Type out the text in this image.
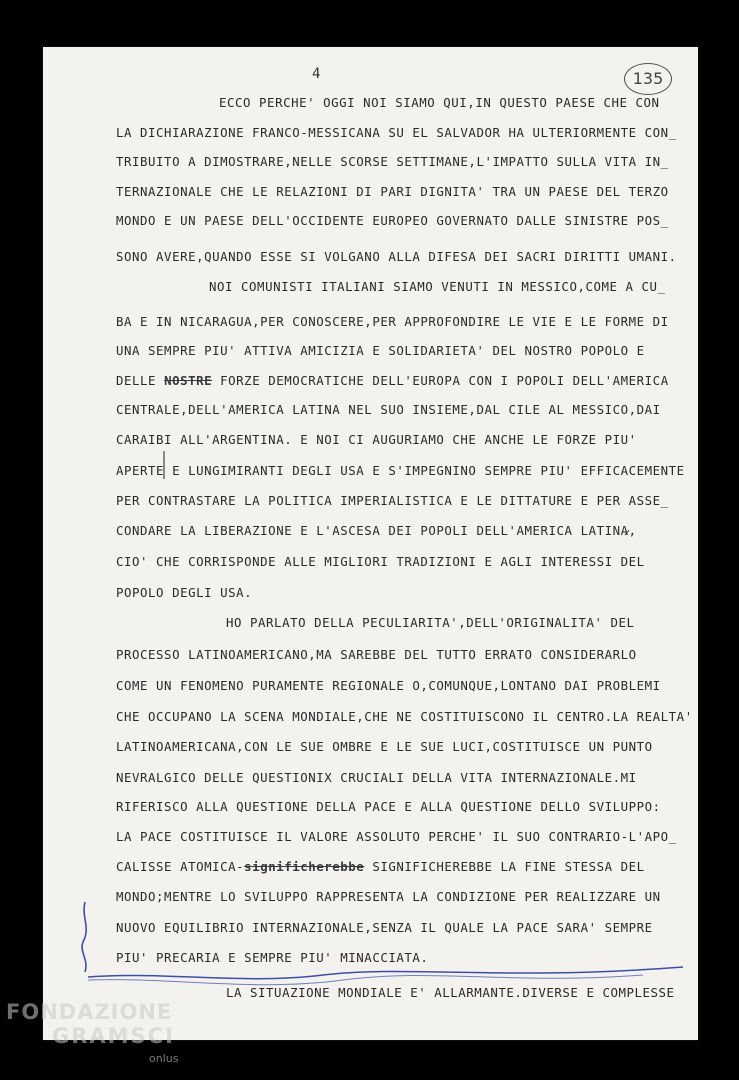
4	135
ECCO PERCHE' OGGI NOI SIAMO QUI,IN QUESTO PAESE CHE CON
LA DICHIARAZIONE FRANCO-MESSICANA SU EL SALVADOR HA ULTERIORMENTE CON_
TRIBUITO A DIMOSTRARE,NELLE SCORSE SETTIMANE,L'IMPATTO SULLA VITA IN_
TERNAZIONALE CHE LE RELAZIONI DI PARI DIGNITA' TRA UN PAESE DEL TERZO
MONDO E UN PAESE DELL'OCCIDENTE EUROPEO GOVERNATO DALLE SINISTRE POS_
SONO AVERE,QUANDO ESSE SI VOLGANO ALLA DIFESA DEI SACRI DIRITTI UMANI.
NOI COMUNISTI ITALIANI SIAMO VENUTI IN MESSICO,COME A CU_
BA E IN NICARAGUA,PER CONOSCERE,PER APPROFONDIRE LE VIE E LE FORME DI
UNA SEMPRE PIU' ATTIVA AMICIZIA E SOLIDARIETA' DEL NOSTRO POPOLO E
DELLE NOSTRE FORZE DEMOCRATICHE DELL'EUROPA CON I POPOLI DELL'AMERICA
CENTRALE,DELL'AMERICA LATINA NEL SUO INSIEME,DAL CILE AL MESSICO,DAI
CARAIBI ALL'ARGENTINA. E NOI CI AUGURIAMO CHE ANCHE LE FORZE PIU'
APERTE E LUNGIMIRANTI DEGLI USA E S'IMPEGNINO SEMPRE PIU' EFFICACEMENTE
PER CONTRASTARE LA POLITICA IMPERIALISTICA E LE DITTATURE E PER ASSE_
CONDARE LA LIBERAZIONE E L'ASCESA DEI POPOLI DELL'AMERICA LATINA,
CIO' CHE CORRISPONDE ALLE MIGLIORI TRADIZIONI E AGLI INTERESSI DEL
POPOLO DEGLI USA.
HO PARLATO DELLA PECULIARITA',DELL'ORIGINALITA' DEL
PROCESSO LATINOAMERICANO,MA SAREBBE DEL TUTTO ERRATO CONSIDERARLO
COME UN FENOMENO PURAMENTE REGIONALE O,COMUNQUE,LONTANO DAI PROBLEMI
CHE OCCUPANO LA SCENA MONDIALE,CHE NE COSTITUISCONO IL CENTRO.LA REALTA'
LATINOAMERICANA,CON LE SUE OMBRE E LE SUE LUCI,COSTITUISCE UN PUNTO
NEVRALGICO DELLE QUESTIONIX CRUCIALI DELLA VITA INTERNAZIONALE.MI
RIFERISCO ALLA QUESTIONE DELLA PACE E ALLA QUESTIONE DELLO SVILUPPO:
LA PACE COSTITUISCE IL VALORE ASSOLUTO PERCHE' IL SUO CONTRARIO-L'APO_
CALISSE ATOMICA-significherebbe SIGNIFICHEREBBE LA FINE STESSA DEL
MONDO;MENTRE LO SVILUPPO RAPPRESENTA LA CONDIZIONE PER REALIZZARE UN
NUOVO EQUILIBRIO INTERNAZIONALE,SENZA IL QUALE LA PACE SARA' SEMPRE
PIU' PRECARIA E SEMPRE PIU' MINACCIATA.
LA SITUAZIONE MONDIALE E' ALLARMANTE.DIVERSE E COMPLESSE
FONDAZIONE
GRAMSCI
onlus
